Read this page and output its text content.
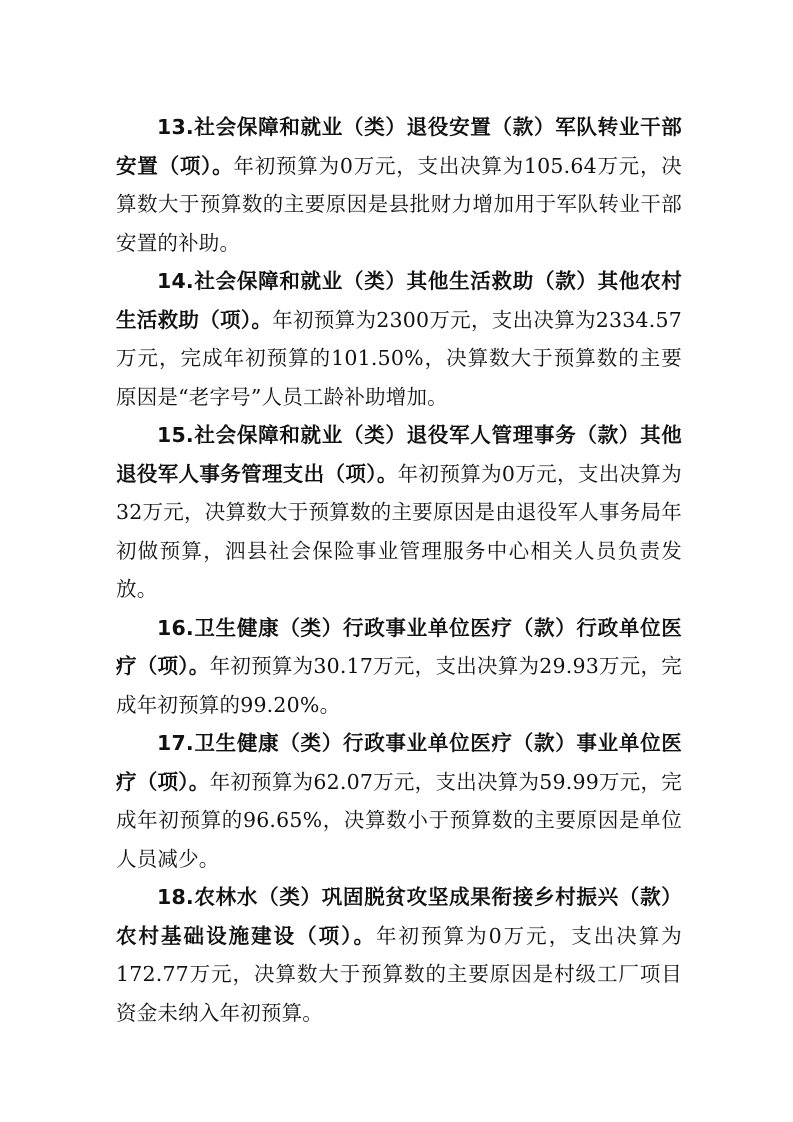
13.社会保障和就业（类）退役安置（款）军队转业干部安置（项）。年初预算为0万元，支出决算为105.64万元，决算数大于预算数的主要原因是县批财力增加用于军队转业干部安置的补助。

14.社会保障和就业（类）其他生活救助（款）其他农村生活救助（项）。年初预算为2300万元，支出决算为2334.57万元，完成年初预算的101.50%，决算数大于预算数的主要原因是“老字号”人员工龄补助增加。

15.社会保障和就业（类）退役军人管理事务（款）其他退役军人事务管理支出（项）。年初预算为0万元，支出决算为32万元，决算数大于预算数的主要原因是由退役军人事务局年初做预算，泗县社会保险事业管理服务中心相关人员负责发放。

16.卫生健康（类）行政事业单位医疗（款）行政单位医疗（项）。年初预算为30.17万元，支出决算为29.93万元，完成年初预算的99.20%。

17.卫生健康（类）行政事业单位医疗（款）事业单位医疗（项）。年初预算为62.07万元，支出决算为59.99万元，完成年初预算的96.65%，决算数小于预算数的主要原因是单位人员减少。

18.农林水（类）巩固脱贫攻坚成果衔接乡村振兴（款）农村基础设施建设（项）。年初预算为0万元，支出决算为172.77万元，决算数大于预算数的主要原因是村级工厂项目资金未纳入年初预算。
